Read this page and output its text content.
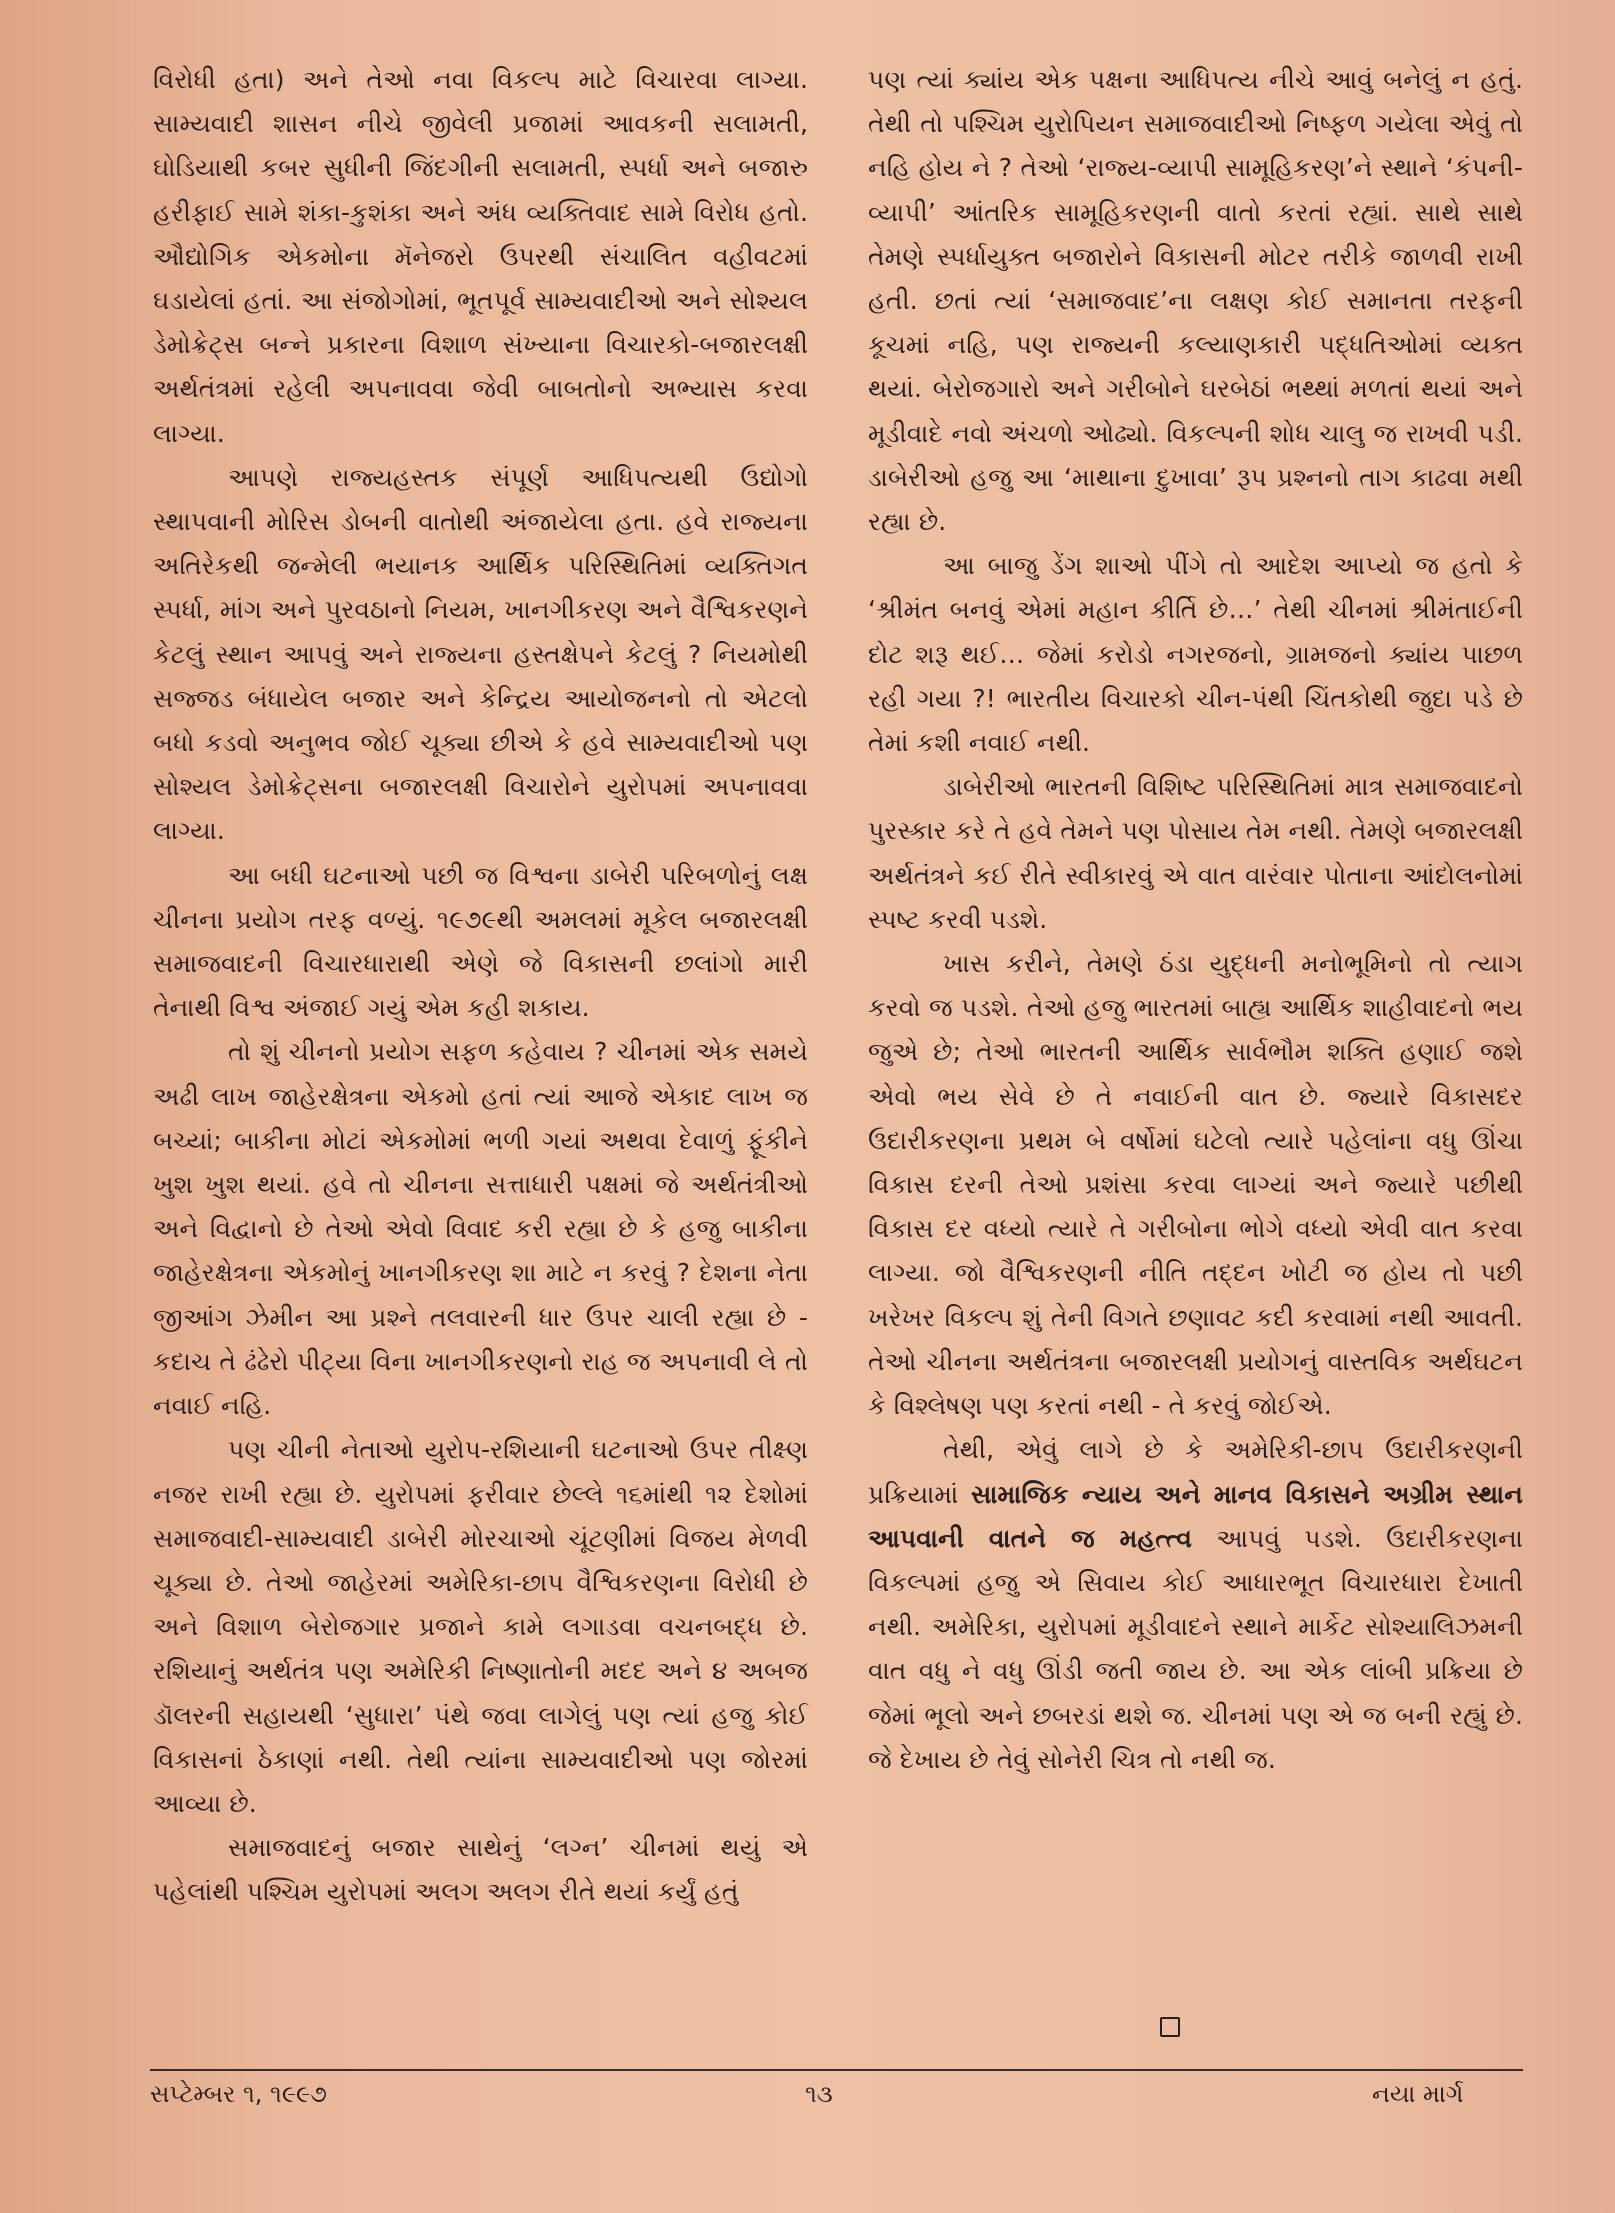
વિરોધી હતા) અને તેઓ નવા વિકલ્પ માટે વિચારવા લાગ્યા. સામ્યવાદી શાસન નીચે જીવેલી પ્રજામાં આવકની સલામતી, ઘોડિયાથી કબર સુધીની જિંદગીની સલામતી, સ્પર્ધા અને બજારુ હરીફાઈ સામે શંકા-કુશંકા અને અંધ વ્યક્તિવાદ સામે વિરોધ હતો. ઔદ્યોગિક એકમોના મૅનેજરો ઉપરથી સંચાલિત વહીવટમાં ઘડાયેલાં હતાં. આ સંજોગોમાં, ભૂતપૂર્વ સામ્યવાદીઓ અને સોશ્યલ ડેમોક્રેટ્સ બન્ને પ્રકારના વિશાળ સંખ્યાના વિચારકો-બજારલક્ષી અર્થતંત્રમાં રહેલી અપનાવવા જેવી બાબતોનો અભ્યાસ કરવા લાગ્યા.

આપણે રાજ્યહસ્તક સંપૂર્ણ આધિપત્યથી ઉદ્યોગો સ્થાપવાની મોરિસ ડોબની વાતોથી અંજાયેલા હતા. હવે રાજ્યના અતિરેકથી જન્મેલી ભયાનક આર્થિક પરિસ્થિતિમાં વ્યક્તિગત સ્પર્ધા, માંગ અને પુરવઠાનો નિયમ, ખાનગીકરણ અને વૈશ્વિકરણને કેટલું સ્થાન આપવું અને રાજ્યના હસ્તક્ષેપને કેટલું ? નિયમોથી સજ્જડ બંધાયેલ બજાર અને કેન્દ્રિય આયોજનનો તો એટલો બધો કડવો અનુભવ જોઈ ચૂક્યા છીએ કે હવે સામ્યવાદીઓ પણ સોશ્યલ ડેમોક્રેટ્સના બજારલક્ષી વિચારોને યુરોપમાં અપનાવવા લાગ્યા.

આ બધી ઘટનાઓ પછી જ વિશ્વના ડાબેરી પરિબળોનું લક્ષ ચીનના પ્રયોગ તરફ વળ્યું. ૧૯૭૯થી અમલમાં મૂકેલ બજારલક્ષી સમાજવાદની વિચારધારાથી એણે જે વિકાસની છલાંગો મારી તેનાથી વિશ્વ અંજાઈ ગયું એમ કહી શકાય.

તો શું ચીનનો પ્રયોગ સફળ કહેવાય ? ચીનમાં એક સમયે અઢી લાખ જાહેરક્ષેત્રના એકમો હતાં ત્યાં આજે એકાદ લાખ જ બચ્યાં; બાકીના મોટાં એકમોમાં ભળી ગયાં અથવા દેવાળું ફૂંકીને ખુશ ખુશ થયાં. હવે તો ચીનના સત્તાધારી પક્ષમાં જે અર્થતંત્રીઓ અને વિદ્વાનો છે તેઓ એવો વિવાદ કરી રહ્યા છે કે હજુ બાકીના જાહેરક્ષેત્રના એકમોનું ખાનગીકરણ શા માટે ન કરવું ? દેશના નેતા જીઆંગ ઝેમીન આ પ્રશ્ને તલવારની ધાર ઉપર ચાલી રહ્યા છે - કદાચ તે ઢંઢેરો પીટ્યા વિના ખાનગીકરણનો રાહ જ અપનાવી લે તો નવાઈ નહિ.

પણ ચીની નેતાઓ યુરોપ-રશિયાની ઘટનાઓ ઉપર તીક્ષ્ણ નજર રાખી રહ્યા છે. યુરોપમાં ફરીવાર છેલ્લે ૧૬માંથી ૧૨ દેશોમાં સમાજવાદી-સામ્યવાદી ડાબેરી મોરચાઓ ચૂંટણીમાં વિજય મેળવી ચૂક્યા છે. તેઓ જાહેરમાં અમેરિકા-છાપ વૈશ્વિકરણના વિરોધી છે અને વિશાળ બેરોજગાર પ્રજાને કામે લગાડવા વચનબદ્ધ છે. રશિયાનું અર્થતંત્ર પણ અમેરિકી નિષ્ણાતોની મદદ અને ૪ અબજ ડૉલરની સહાયથી ‘સુધારા’ પંથે જવા લાગેલું પણ ત્યાં હજુ કોઈ વિકાસનાં ઠેકાણાં નથી. તેથી ત્યાંના સામ્યવાદીઓ પણ જોરમાં આવ્યા છે.

સમાજવાદનું બજાર સાથેનું ‘લગ્ન’ ચીનમાં થયું એ પહેલાંથી પશ્ચિમ યુરોપમાં અલગ અલગ રીતે થયાં કર્યું હતું

પણ ત્યાં ક્યાંય એક પક્ષના આધિપત્ય નીચે આવું બનેલું ન હતું. તેથી તો પશ્ચિમ યુરોપિયન સમાજવાદીઓ નિષ્ફળ ગયેલા એવું તો નહિ હોય ને ? તેઓ ‘રાજ્ય-વ્યાપી સામૂહિકરણ’ને સ્થાને ‘કંપની-વ્યાપી’ આંતરિક સામૂહિકરણની વાતો કરતાં રહ્યાં. સાથે સાથે તેમણે સ્પર્ધાયુક્ત બજારોને વિકાસની મોટર તરીકે જાળવી રાખી હતી. છતાં ત્યાં ‘સમાજવાદ’ના લક્ષણ કોઈ સમાનતા તરફની કૂચમાં નહિ, પણ રાજ્યની કલ્યાણકારી પદ્ધતિઓમાં વ્યક્ત થયાં. બેરોજગારો અને ગરીબોને ઘરબેઠાં ભથ્થાં મળતાં થયાં અને મૂડીવાદે નવો અંચળો ઓઢ્યો. વિકલ્પની શોધ ચાલુ જ રાખવી પડી. ડાબેરીઓ હજુ આ ‘માથાના દુખાવા’ રૂપ પ્રશ્નનો તાગ કાઢવા મથી રહ્યા છે.

આ બાજુ ડેંગ શાઓ પીંગે તો આદેશ આપ્યો જ હતો કે ‘શ્રીમંત બનવું એમાં મહાન કીર્તિ છે…’ તેથી ચીનમાં શ્રીમંતાઈની દોટ શરૂ થઈ… જેમાં કરોડો નગરજનો, ગ્રામજનો ક્યાંય પાછળ રહી ગયા ?! ભારતીય વિચારકો ચીન-પંથી ચિંતકોથી જુદા પડે છે તેમાં કશી નવાઈ નથી.

ડાબેરીઓ ભારતની વિશિષ્ટ પરિસ્થિતિમાં માત્ર સમાજવાદનો પુરસ્કાર કરે તે હવે તેમને પણ પોસાય તેમ નથી. તેમણે બજારલક્ષી અર્થતંત્રને કઈ રીતે સ્વીકારવું એ વાત વારંવાર પોતાના આંદોલનોમાં સ્પષ્ટ કરવી પડશે.

ખાસ કરીને, તેમણે ઠંડા યુદ્ધની મનોભૂમિનો તો ત્યાગ કરવો જ પડશે. તેઓ હજુ ભારતમાં બાહ્ય આર્થિક શાહીવાદનો ભય જુએ છે; તેઓ ભારતની આર્થિક સાર્વભૌમ શક્તિ હણાઈ જશે એવો ભય સેવે છે તે નવાઈની વાત છે. જ્યારે વિકાસદર ઉદારીકરણના પ્રથમ બે વર્ષોમાં ઘટેલો ત્યારે પહેલાંના વધુ ઊંચા વિકાસ દરની તેઓ પ્રશંસા કરવા લાગ્યાં અને જ્યારે પછીથી વિકાસ દર વધ્યો ત્યારે તે ગરીબોના ભોગે વધ્યો એવી વાત કરવા લાગ્યા. જો વૈશ્વિકરણની નીતિ તદ્દન ખોટી જ હોય તો પછી ખરેખર વિકલ્પ શું તેની વિગતે છણાવટ કદી કરવામાં નથી આવતી. તેઓ ચીનના અર્થતંત્રના બજારલક્ષી પ્રયોગનું વાસ્તવિક અર્થઘટન કે વિશ્લેષણ પણ કરતાં નથી - તે કરવું જોઈએ.

તેથી, એવું લાગે છે કે અમેરિકી-છાપ ઉદારીકરણની પ્રક્રિયામાં સામાજિક ન્યાય અને માનવ વિકાસને અગ્રીમ સ્થાન આપવાની વાતને જ મહત્ત્વ આપવું પડશે. ઉદારીકરણના વિકલ્પમાં હજુ એ સિવાય કોઈ આધારભૂત વિચારધારા દેખાતી નથી. અમેરિકા, યુરોપમાં મૂડીવાદને સ્થાને માર્કેટ સોશ્યાલિઝમની વાત વધુ ને વધુ ઊંડી જતી જાય છે. આ એક લાંબી પ્રક્રિયા છે જેમાં ભૂલો અને છબરડાં થશે જ. ચીનમાં પણ એ જ બની રહ્યું છે. જે દેખાય છે તેવું સોનેરી ચિત્ર તો નથી જ.

સપ્ટેમ્બર ૧, ૧૯૯૭	૧૩	નયા માર્ગ
